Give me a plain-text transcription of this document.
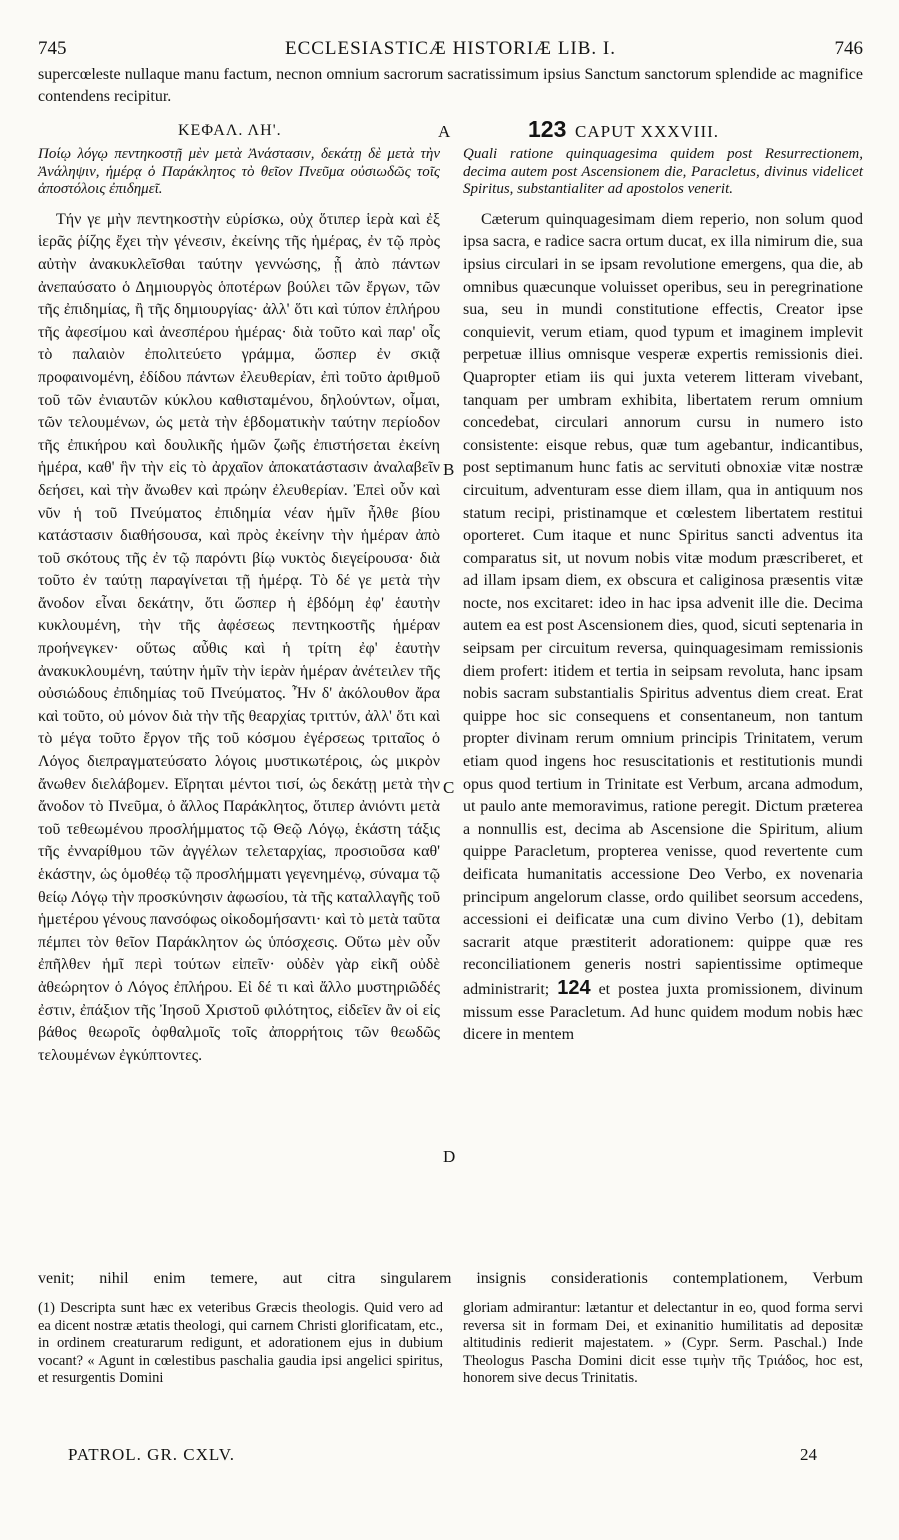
745	ECCLESIASTICÆ HISTORIÆ LIB. I.	746
supercœleste nullaque manu factum, necnon omnium sacrorum sacratissimum ipsius Sanctum sanctorum splendide ac magnifice contendens recipitur.
ΚΕΦΑΛ. ΛΗ'.	A	123 CAPUT XXXVIII.

Ποίῳ λόγῳ πεντηκοστῇ μὲν μετὰ Ἀνάστασιν, δεκάτῃ δὲ μετὰ τὴν Ἀνάληψιν, ἡμέρᾳ ὁ Παράκλητος τὸ θεῖον Πνεῦμα οὐσιωδῶς τοῖς ἀποστόλοις ἐπιδημεῖ.

Τήν γε μὴν πεντηκοστὴν εὑρίσκω, οὐχ ὅτιπερ ἱερὰ καὶ ἐξ ἱερᾶς ῥίζης ἔχει τὴν γένεσιν, ἐκείνης τῆς ἡμέρας, ἐν τῷ πρὸς αὐτὴν ἀνακυκλεῖσθαι ταύτην γεννώσης, ᾗ ἀπὸ πάντων ἀνεπαύσατο ὁ Δημιουργὸς ὁποτέρων βούλει τῶν ἔργων, τῶν τῆς ἐπιδημίας, ἢ τῆς δημιουργίας· ἀλλ' ὅτι καὶ τύπον ἐπλήρου τῆς ἀφεσίμου καὶ ἀνεσπέρου ἡμέρας· διὰ τοῦτο καὶ παρ' οἷς τὸ παλαιὸν ἐπολιτεύετο γράμμα, ὥσπερ ἐν σκιᾷ προφαινομένη, ἐδίδου πάντων ἐλευθερίαν, ἐπὶ τοῦτο ἀριθμοῦ τοῦ τῶν ἐνιαυτῶν κύκλου καθισταμένου, δηλούντων, οἶμαι, τῶν τελουμένων, ὡς μετὰ τὴν ἑβδοματικὴν ταύτην περίοδον τῆς ἐπικήρου καὶ δουλικῆς ἡμῶν ζωῆς ἐπιστήσεται ἐκείνη ἡμέρα, καθ' ἣν τὴν εἰς τὸ ἀρχαῖον ἀποκατάστασιν ἀναλαβεῖν δεήσει, καὶ τὴν ἄνωθεν καὶ πρώην ἐλευθερίαν. Ἐπεὶ οὖν καὶ νῦν ἡ τοῦ Πνεύματος ἐπιδημία νέαν ἡμῖν ἦλθε βίου κατάστασιν διαθήσουσα, καὶ πρὸς ἐκείνην τὴν ἡμέραν ἀπὸ τοῦ σκότους τῆς ἐν τῷ παρόντι βίῳ νυκτὸς διεγείρουσα· διὰ τοῦτο ἐν ταύτῃ παραγίνεται τῇ ἡμέρᾳ. Τὸ δέ γε μετὰ τὴν ἄνοδον εἶναι δεκάτην, ὅτι ὥσπερ ἡ ἑβδόμη ἐφ' ἑαυτὴν κυκλουμένη, τὴν τῆς ἀφέσεως πεντηκοστῆς ἡμέραν προήνεγκεν· οὕτως αὖθις καὶ ἡ τρίτη ἐφ' ἑαυτὴν ἀνακυκλουμένη, ταύτην ἡμῖν τὴν ἱερὰν ἡμέραν ἀνέτειλεν τῆς οὐσιώδους ἐπιδημίας τοῦ Πνεύματος. Ἦν δ' ἀκόλουθον ἄρα καὶ τοῦτο, οὐ μόνον διὰ τὴν τῆς θεαρχίας τριττύν, ἀλλ' ὅτι καὶ τὸ μέγα τοῦτο ἔργον τῆς τοῦ κόσμου ἐγέρσεως τριταῖος ὁ Λόγος διεπραγματεύσατο λόγοις μυστικωτέροις, ὡς μικρὸν ἄνωθεν διελάβομεν. Εἴρηται μέντοι τισί, ὡς δεκάτῃ μετὰ τὴν ἄνοδον τὸ Πνεῦμα, ὁ ἄλλος Παράκλητος, ὅτιπερ ἀνιόντι μετὰ τοῦ τεθεωμένου προσλήμματος τῷ Θεῷ Λόγῳ, ἑκάστη τάξις τῆς ἐνναρίθμου τῶν ἀγγέλων τελεταρχίας, προσιοῦσα καθ' ἑκάστην, ὡς ὁμοθέῳ τῷ προσλήμματι γεγενημένῳ, σύναμα τῷ θείῳ Λόγῳ τὴν προσκύνησιν ἀφωσίου, τὰ τῆς καταλλαγῆς τοῦ ἡμετέρου γένους πανσόφως οἰκοδομήσαντι· καὶ τὸ μετὰ ταῦτα πέμπει τὸν θεῖον Παράκλητον ὡς ὑπόσχεσις. Οὕτω μὲν οὖν ἐπῆλθεν ἡμῖ περὶ τούτων εἰπεῖν· οὐδὲν γὰρ εἰκῆ οὐδὲ ἀθεώρητον ὁ Λόγος ἐπλήρου. Εἰ δέ τι καὶ ἄλλο μυστηριῶδές ἐστιν, ἐπάξιον τῆς Ἰησοῦ Χριστοῦ φιλότητος, εἰδεῖεν ἂν οἱ εἰς βάθος θεωροῖς ὀφθαλμοῖς τοῖς ἀπορρήτοις τῶν θεωδῶς τελουμένων ἐγκύπτοντες.

Quali ratione quinquagesima quidem post Resurrectionem, decima autem post Ascensionem die, Paracletus, divinus videlicet Spiritus, substantialiter ad apostolos venerit.

Cæterum quinquagesimam diem reperio, non solum quod ipsa sacra, e radice sacra ortum ducat, ex illa nimirum die, sua ipsius circulari in se ipsam revolutione emergens, qua die, ab omnibus quæcunque voluisset operibus, seu in peregrinatione sua, seu in mundi constitutione effectis, Creator ipse conquievit, verum etiam, quod typum et imaginem implevit perpetuæ illius omnisque vesperæ expertis remissionis diei. Quapropter etiam iis qui juxta veterem litteram vivebant, tanquam per umbram exhibita, libertatem rerum omnium concedebat, circulari annorum cursu in numero isto consistente: eisque rebus, quæ tum agebantur, indicantibus, post septimanum hunc fatis ac servituti obnoxiæ vitæ nostræ circuitum, adventuram esse diem illam, qua in antiquum nos statum recipi, pristinamque et cœlestem libertatem restitui oporteret. Cum itaque et nunc Spiritus sancti adventus ita comparatus sit, ut novum nobis vitæ modum præscriberet, et ad illam ipsam diem, ex obscura et caliginosa præsentis vitæ nocte, nos excitaret: ideo in hac ipsa advenit ille die. Decima autem ea est post Ascensionem dies, quod, sicuti septenaria in seipsam per circuitum reversa, quinquagesimam remissionis diem profert: itidem et tertia in seipsam revoluta, hanc ipsam nobis sacram substantialis Spiritus adventus diem creat. Erat quippe hoc sic consequens et consentaneum, non tantum propter divinam rerum omnium principis Trinitatem, verum etiam quod ingens hoc resuscitationis et restitutionis mundi opus quod tertium in Trinitate est Verbum, arcana admodum, ut paulo ante memoravimus, ratione peregit. Dictum præterea a nonnullis est, decima ab Ascensione die Spiritum, alium quippe Paracletum, propterea venisse, quod revertente cum deificata humanitatis accessione Deo Verbo, ex novenaria principum angelorum classe, ordo quilibet seorsum accedens, accessioni ei deificatæ una cum divino Verbo (1), debitam sacrarit atque præstiterit adorationem: quippe quæ res reconciliationem generis nostri sapientissime optimeque administrarit; 124 et postea juxta promissionem, divinum missum esse Paracletum. Ad hunc quidem modum nobis hæc dicere in mentem

B
C
D
venit; nihil enim temere, aut citra singularem insignis considerationis contemplationem, Verbum

(1) Descripta sunt hæc ex veteribus Græcis theologis. Quid vero ad ea dicent nostræ ætatis theologi, qui carnem Christi glorificatam, etc., in ordinem creaturarum redigunt, et adorationem ejus in dubium vocant? « Agunt in cœlestibus paschalia gaudia ipsi angelici spiritus, et resurgentis Domini

gloriam admirantur: lætantur et delectantur in eo, quod forma servi reversa sit in formam Dei, et exinanitio humilitatis ad depositæ altitudinis redierit majestatem. » (Cypr. Serm. Paschal.) Inde Theologus Pascha Domini dicit esse τιμὴν τῆς Τριάδος, hoc est, honorem sive decus Trinitatis.

PATROL. GR. CXLV.	24
